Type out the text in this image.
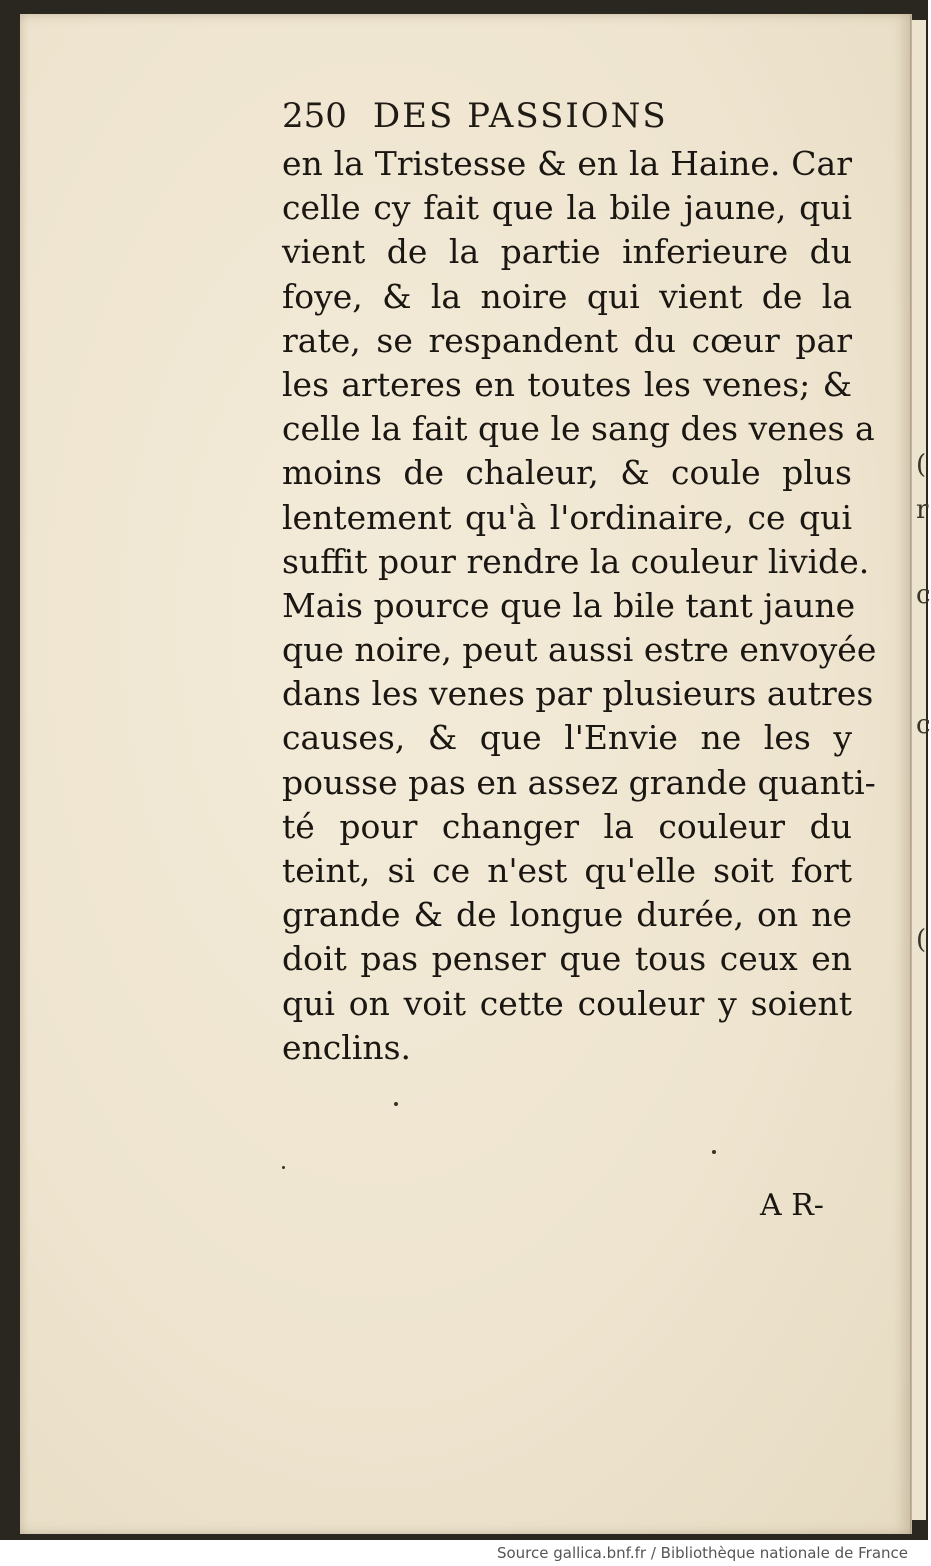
(
r
c
c
(
250 DES PASSIONS
en la Tristesse & en la Haine. Car
celle cy fait que la bile jaune, qui
vient de la partie inferieure du
foye, & la noire qui vient de la
rate, se respandent du cœur par
les arteres en toutes les venes; &
celle la fait que le sang des venes a
moins de chaleur, & coule plus
lentement qu'à l'ordinaire, ce qui
suffit pour rendre la couleur livide.
Mais pource que la bile tant jaune
que noire, peut aussi estre envoyée
dans les venes par plusieurs autres
causes, & que l'Envie ne les y
pousse pas en assez grande quanti-
té pour changer la couleur du
teint, si ce n'est qu'elle soit fort
grande & de longue durée, on ne
doit pas penser que tous ceux en
qui on voit cette couleur y soient
enclins.
A R-
Source gallica.bnf.fr / Bibliothèque nationale de France
